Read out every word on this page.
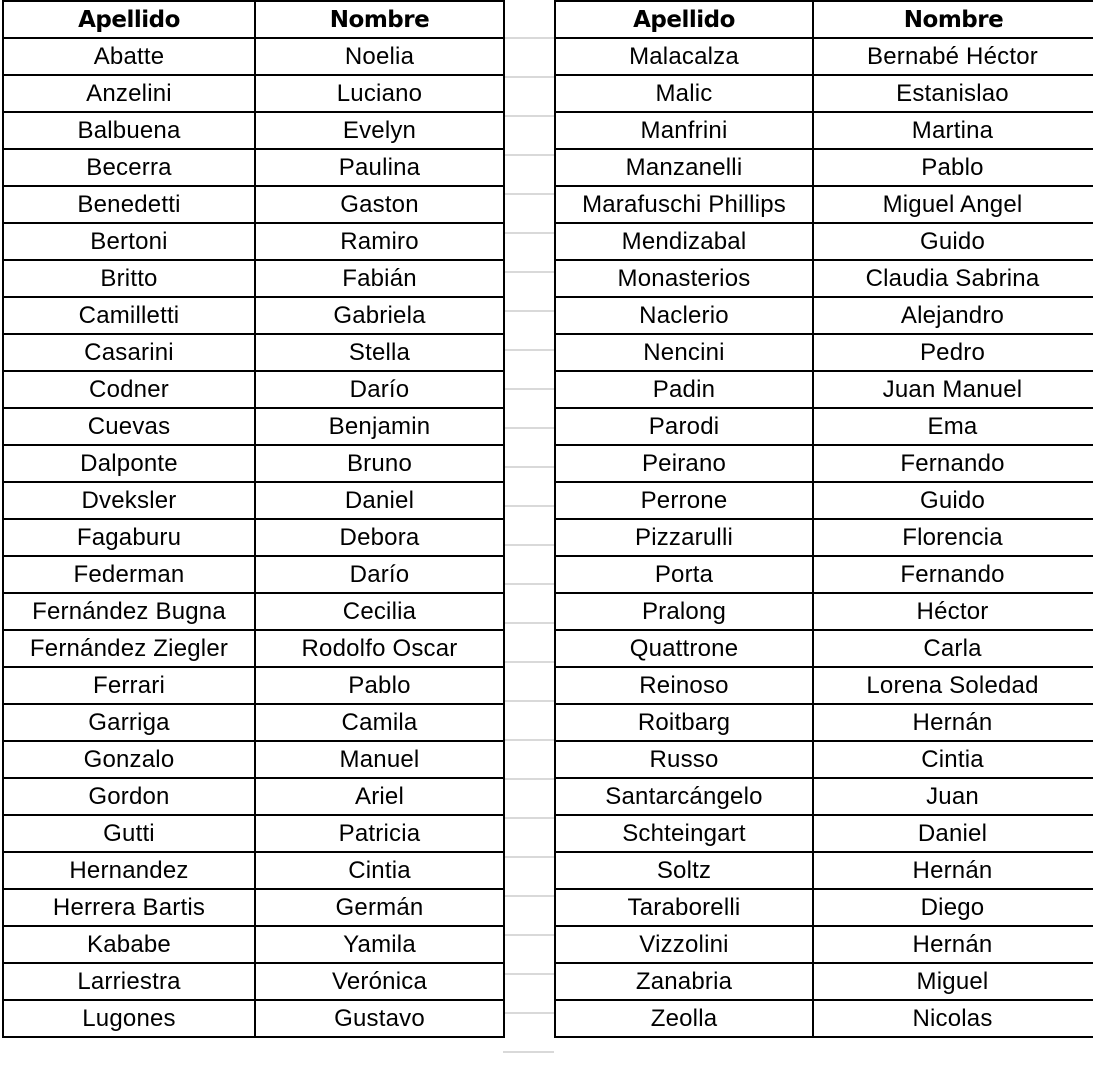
Apellido	Nombre
Abatte	Noelia
Anzelini	Luciano
Balbuena	Evelyn
Becerra	Paulina
Benedetti	Gaston
Bertoni	Ramiro
Britto	Fabián
Camilletti	Gabriela
Casarini	Stella
Codner	Darío
Cuevas	Benjamin
Dalponte	Bruno
Dveksler	Daniel
Fagaburu	Debora
Federman	Darío
Fernández Bugna	Cecilia
Fernández Ziegler	Rodolfo Oscar
Ferrari	Pablo
Garriga	Camila
Gonzalo	Manuel
Gordon	Ariel
Gutti	Patricia
Hernandez	Cintia
Herrera Bartis	Germán
Kababe	Yamila
Larriestra	Verónica
Lugones	Gustavo
Apellido	Nombre
Malacalza	Bernabé Héctor
Malic	Estanislao
Manfrini	Martina
Manzanelli	Pablo
Marafuschi Phillips	Miguel Angel
Mendizabal	Guido
Monasterios	Claudia Sabrina
Naclerio	Alejandro
Nencini	Pedro
Padin	Juan Manuel
Parodi	Ema
Peirano	Fernando
Perrone	Guido
Pizzarulli	Florencia
Porta	Fernando
Pralong	Héctor
Quattrone	Carla
Reinoso	Lorena Soledad
Roitbarg	Hernán
Russo	Cintia
Santarcángelo	Juan
Schteingart	Daniel
Soltz	Hernán
Taraborelli	Diego
Vizzolini	Hernán
Zanabria	Miguel
Zeolla	Nicolas
